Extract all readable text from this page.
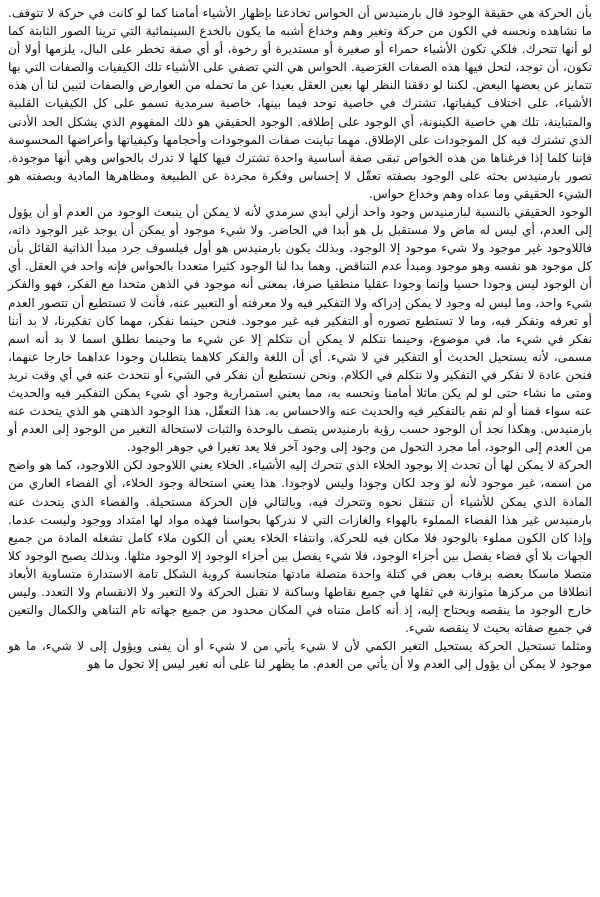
بأن الحركة هي حقيقة الوجود قال بارمنيدس أن الحواس تخادعنا بإظهار الأشياء أمامنا كما لو كانت في حركة لا تتوقف. ما نشاهده ونحسه في الكون من حركة وتغير وهم وخداع أشبه ما يكون بالخدع السينمائية التي ترينا الصور الثابتة كما لو أنها تتحرك. فلكي تكون الأشياء حمراء أو صغيرة أو مستديرة أو رخوة، أو أي صفة تخطر على البال، يلزمها أولا أن تكون، أن توجد، لتحل فيها هذه الصفات العَرَضية. الحواس هي التي تضفي على الأشياء تلك الكيفيات والصفات التي بها تتمايز عن بعضها البعض. لكننا لو دققنا النظر لها بعين العقل بعيدا عن ما تحمله من العوارض والصفات لتبين لنا أن هذه الأشياء، على اختلاف كيفياتها، تشترك في خاصية توحد فيما بينها، خاصية سرمدية تسمو على كل الكيفيات القلبية والمتباينة، تلك هي خاصية الكينونة، أي الوجود على إطلاقه. الوجود الحقيقي هو ذلك المفهوم الذي يشكل الحد الأدنى الذي تشترك فيه كل الموجودات على الإطلاق. مهما تباينت صفات الموجودات وأحجامها وكيفياتها وأعراضها المحسوسة فإننا كلما إذا فرغناها من هذه الخواص تبقى صفة أساسية واحدة تشترك فيها كلها لا تدرك بالحواس وهي أنها موجودة. تصور بارمنيدس بحثه على الوجود بصفته تعقّل لا إحساس وفكرة مجردة عن الطبيعة ومظاهرها المادية وبصفته هو الشيء الحقيقي وما عداه وهم وخداع حواس.

الوجود الحقيقي بالنسبة لبارمنيدس وجود واحد أزلي أبدي سرمدي لأنه لا يمكن أن ينبعث الوجود من العدم أو أن يؤول إلى العدم، أي ليس له ماض ولا مستقبل بل هو أبدا في الحاضر. ولا شيء موجود أو يمكن أن يوجد غير الوجود ذاته، فاللاوجود غير موجود ولا شيء موجود إلا الوجود. وبذلك يكون بارمنيدس هو أول فيلسوف جرد مبدأ الذاتية القائل بأن كل موجود هو نفسه وهو موجود ومبدأ عدم التناقض. وهما بدا لنا الوجود كثيرا متعددا بالحواس فإنه واحد في العقل. أي أن الوجود ليس وجودا حسيا وإنما وجودا عقليا منطقيا صرفا، بمعنى أنه موجود في الذهن متحدا مع الفكر، فهو والفكر شيء واحد، وما ليس له وجود لا يمكن إدراكه ولا التفكير فيه ولا معرفته أو التعبير عنه، فأنت لا تستطيع أن تتصور العدم أو تعرفه وتفكر فيه، وما لا تستطيع تصوره أو التفكير فيه غير موجود. فنحن حينما نفكر، مهما كان تفكيرنا، لا بد أننا نفكر في شيء ما، في موضوع، وحينما نتكلم لا يمكن أن نتكلم إلا عن شيء ما وحينما نطلق اسما لا بد أنه اسم مسمى، لأنه يستحيل الحديث أو التفكير في لا شيء. أي أن اللغة والفكر كلاهما يتطلبان وجودا عداهما خارجا عنهما، فنحن عادة لا نفكر في التفكير ولا نتكلم في الكلام. ونحن نستطيع أن نفكر في الشيء أو نتحدث عنه في أي وقت نريد ومتى ما نشاء حتى لو لم يكن ماثلا أمامنا ونحسه به، مما يعني استمرارية وجود أي شيء يمكن التفكير فيه والحديث عنه سواء قمنا أو لم نقم بالتفكير فيه والحديث عنه والاحساس به. هذا التعقّل، هذا الوجود الذهني هو الذي يتحدث عنه بارمنيدس. وهكذا نجد أن الوجود حسب رؤية بارمنيدس يتصف بالوحدة والثبات لاستحالة التغير من الوجود إلى العدم أو من العدم إلى الوجود، أما مجرد التحول من وجود إلى وجود آخر فلا يعد تغيرا في جوهر الوجود.

الحركة لا يمكن لها أن تحدث إلا بوجود الخلاء الذي تتحرك إليه الأشياء. الخلاء يعني اللاوجود لكن اللاوجود، كما هو واضح من اسمه، غير موجود لأنه لو وجد لكان وجودا وليس لاوجودا. هذا يعني استحالة وجود الخلاء، أي الفضاء العاري من المادة الذي يمكن للأشياء أن تنتقل نحوه وتتحرك فيه، وبالتالي فإن الحركة مستحيلة. والفضاء الذي يتحدث عنه بارمنيدس غير هذا الفضاء المملوء بالهواء والغازات التي لا ندركها بحواسنا فهذه مواد لها امتداد ووجود وليست عدما. وإذا كان الكون مملوء بالوجود فلا مكان فيه للحركة. وانتفاء الخلاء يعني أن الكون ملاء كامل تشغله المادة من جميع الجهات بلا أي فضاء يفصل بين أجزاء الوجود، فلا شيء يفصل بين أجزاء الوجود إلا الوجود مثلها. وبذلك يصبح الوجود كلا متصلا ماسكا بعضه برقاب بعض في كتلة واحدة متصلة مادتها متجانسة كروية الشكل تامة الاستدارة متساوية الأبعاد انطلاقا من مركزها متوازنة في ثقلها في جميع نقاطها وساكنة لا تقبل الحركة ولا التغير ولا الانقسام ولا التعدد. وليس خارج الوجود ما ينقصه ويحتاج إليه، إذ أنه كامل متناه في المكان محدود من جميع جهاته تام التناهي والكمال والتعين في جميع صفاته بحيث لا ينقصه شيء.

ومثلما تستحيل الحركة يستحيل التغير الكمي لأن لا شيء يأتي من لا شيء أو أن يفنى ويؤول إلى لا شيء، ما هو موجود لا يمكن أن يؤول إلى العدم ولا أن يأتي من العدم. ما يظهر لنا على أنه تغير ليس إلا تحول ما هو
